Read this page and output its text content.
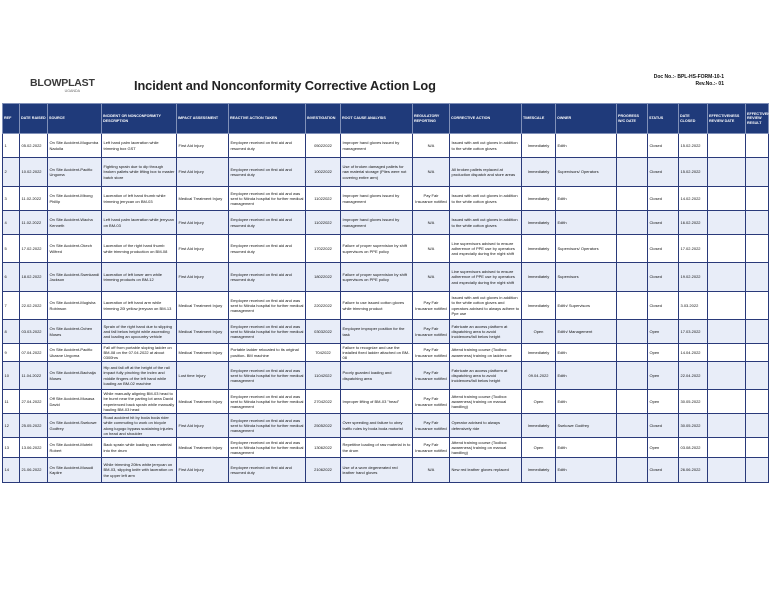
BLOWPLAST
UGANDA	Incident and Nonconformity Corrective Action Log
Doc No.:- BPL-HS-FORM-10-1
Rev.No.:- 01
REF	DATE RAISED	SOURCE	INCIDENT OR NONCONFORMITY DESCRIPTION	IMPACT ASSESSMENT	REACTIVE ACTION TAKEN	INVESTIGATION	ROOT CAUSE ANALYSIS	REGULATORY REPORTING	CORRECTIVE ACTION	TIMESCALE	OWNER	PROGRESS W/C DATE	STATUS	DATE CLOSED	EFFECTIVENESS REVIEW DATE	EFFECTIVENESS REVIEW RESULT
1	05.02.2022	On Site Accident-Mugumba Nadolla	Left hand palm laceration while trimming box GST	First Aid Injury	Employee received on first aid and resumed duty	05022022	Improper hand gloves issued by management	N/A	Issued with anti cut gloves in addition to the white cotton gloves	Immediately	Edith		Closed	15.02.2022		
2	10.02.2022	On Site Accident-Pacifio Ungoma	Fighting sprain due to dip through broken pallets while lifting box to master batch store	First Aid Injury	Employee received on first aid and resumed duty	10022022	Use of broken damaged pallets for raw material storage (Plies were not covering entire arm)	N/A	All broken pallets replaced at production dispatch and store areas	Immediately	Supervisors/ Operators		Closed	15.02.2022		
3	11.02.2022	On Site Accident-Mbong Phillip	Laceration of left hand thumb while trimming jerrycan on BM-03	Medical Treatment Injury	Employee received on first aid and was sent to Ntinda hospital for further medical management	11022022	Improper hand gloves issued by management	Pay Fair Insurance notified	Issued with anti cut gloves in addition to the white cotton gloves	Immediately	Edith		Closed	14.02.2022		
4	11.02.2022	On Site Accident-Wacha Kenneth	Left hand palm laceration while jerrycan on BM-03	First Aid Injury	Employee received on first aid and resumed duty	11022022	Improper hand gloves issued by management	N/A	Issued with anti cut gloves in addition to the white cotton gloves	Immediately	Edith		Closed	16.02.2022		
5	17.02.2022	On Site Accident-Okech Wilfred	Laceration of the right hand thumb while trimming production on BM-08	First Aid Injury	Employee received on first aid and resumed duty	17022022	Failure of proper supervision by shift supervisors on PPE policy	N/A	Line supervisors advised to ensure adherence of PPE use by operators and especially during the night shift	Immediately	Supervisors/ Operators		Closed	17.02.2022		
6	18.02.2022	On Site Accident-Ssenkandi Jackson	Laceration of left lower arm while trimming products on BM-12	First Aid Injury	Employee received on first aid and resumed duty	18022022	Failure of proper supervision by shift supervisors on PPE policy	N/A	Line supervisors advised to ensure adherence of PPE use by operators and especially during the night shift	Immediately	Supervisors		Closed	19.02.2022		
7	22.02.2022	On Site Accident-Mugisha Robinson	Laceration of left hand arm while trimming 20l yellow jerrycan on BM-13	Medical Treatment Injury	Employee received on first aid and was sent to Ntinda hospital for further medical management	22022022	Failure to use issued cotton gloves while trimming product	Pay Fair Insurance notified	Issued with anti cut gloves in addition to the white cotton gloves and operators advised to always adhere to Ppe use	Immediately	Edith/ Supervisors		Closed	3.03.2022		
8	03.03.2022	On Site Accident-Ochen Moses	Sprain of the right hand due to slipping and fall below height while ascending and loading an upcountry vehicle	Medical Treatment Injury	Employee received on first aid and was sent to Ntinda hospital for further medical management	03032022	Employee improper position for the task	Pay Fair Insurance notified	Fabricate an access platform at dispatching area to avoid incidences/fall below height	Open	Edith/ Management		Open	17.03.2022		
9	07.04.2022	On Site Accident-Pacifio Ukasne Ungoma	Fall off from portable sloping ladder on BM-08 on the 07.04.2022 at about 0300hrs	Medical Treatment Injury	Portable ladder relocated to its original position- BM machine	7042022	Failure to recognize and use the installed fixed ladder attached on BM-08	Pay Fair Insurance notified	Attend training course (Toolbox awareness) training on ladder use	Immediately	Edith		Open	14.04.2022		
10	11.04.2022	On Site Accident-Bachaija Moses	Hip and fall off at the height of the rail impact fully pinching the index and middle fingers of the left hand while loading an BM-02 machine	Lost time Injury	Employee received on first aid and was sent to Ntinda hospital for further medical management	11042022	Poorly guarded loading and dispatching area	Pay Fair Insurance notified	Fabricate an access platform at dispatching area to avoid incidences/fall below height	09.04.2022	Edith		Open	22.04.2022		
11	27.04.2022	Off Site Accident-Musasa David	While manually aligning BM-03 head to be burnt near the parting lot area David experienced back sprain while manually hauling BM-03 head	Medical Treatment Injury	Employee received on first aid and was sent to Ntinda hospital for further medical management	27042022	Improper lifting of BM-03 "head"	Pay Fair Insurance notified	Attend training course (Toolbox awareness) training on manual handling)	Open	Edith		Open	30.05.2022		
12	25.05.2022	On Site Accident-Ssekowe Godfrey	Road accident hit by boda boda rider while commuting to work on bicycle along lugogo bypass sustaining injuries on head and shoulder	First Aid Injury	Employee received on first aid and was sent to Ntinda hospital for further medical management	25052022	Over speeding and failure to obey traffic rules by boda boda motorist	Pay Fair Insurance notified	Operator advised to always defensively ride	Immediately	Ssekowe Godfrey		Closed	30.05.2022		
13	13.06.2022	On Site Accident-Mutebi Robert	Back sprain while loading raw material into the drum	Medical Treatment Injury	Employee received on first aid and was sent to Ntinda hospital for further medical management	13062022	Repetitive loading of raw material in to the drum	Pay Fair Insurance notified	Attend training course (Toolbox awareness) training on manual handling)	Open	Edith		Open	03.08.2022		
14	21.06.2022	On Site Accident-Musudi Kapiire	While trimming 20ltrs white jerrycan on BM-03, slipping knife with laceration on the upper left arm	First Aid Injury	Employee received on first aid and resumed duty	21062022	Use of a worn degenerated red leather hand gloves	N/A	New red leather gloves replaced	Immediately	Edith		Closed	26.06.2022		
